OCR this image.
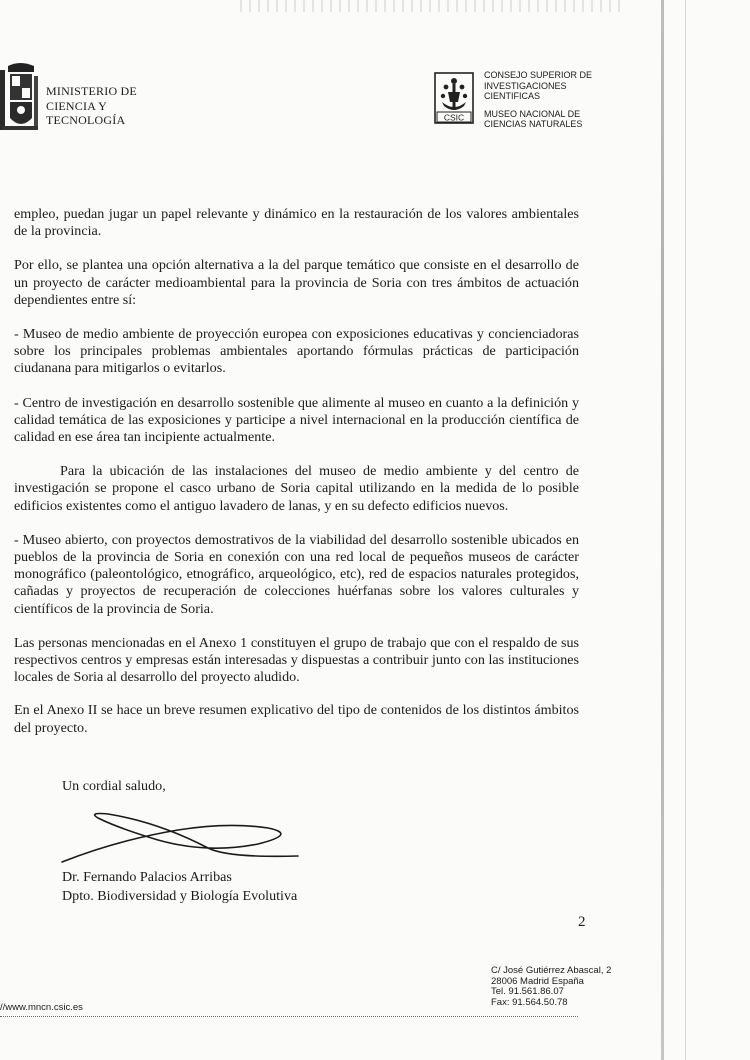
MINISTERIO DE
CIENCIA Y
TECNOLOGÍA	CSIC
CONSEJO SUPERIOR DE
INVESTIGACIONES
CIENTIFICAS
MUSEO NACIONAL DE
CIENCIAS NATURALES

empleo, puedan jugar un papel relevante y dinámico en la restauración de los valores ambientales de la provincia.

Por ello, se plantea una opción alternativa a la del parque temático que consiste en el desarrollo de un proyecto de carácter medioambiental para la provincia de Soria con tres ámbitos de actuación dependientes entre sí:

- Museo de medio ambiente de proyección europea con exposiciones educativas y concienciadoras sobre los principales problemas ambientales aportando fórmulas prácticas de participación ciudanana para mitigarlos o evitarlos.

- Centro de investigación en desarrollo sostenible que alimente al museo en cuanto a la definición y calidad temática de las exposiciones y participe a nivel internacional en la producción científica de calidad en ese área tan incipiente actualmente.

Para la ubicación de las instalaciones del museo de medio ambiente y del centro de investigación se propone el casco urbano de Soria capital utilizando en la medida de lo posible edificios existentes como el antiguo lavadero de lanas, y en su defecto edificios nuevos.

- Museo abierto, con proyectos demostrativos de la viabilidad del desarrollo sostenible ubicados en pueblos de la provincia de Soria en conexión con una red local de pequeños museos de carácter monográfico (paleontológico, etnográfico, arqueológico, etc), red de espacios naturales protegidos, cañadas y proyectos de recuperación de colecciones huérfanas sobre los valores culturales y científicos de la provincia de Soria.

Las personas mencionadas en el Anexo 1 constituyen el grupo de trabajo que con el respaldo de sus respectivos centros y empresas están interesadas y dispuestas a contribuir junto con las instituciones locales de Soria al desarrollo del proyecto aludido.

En el Anexo II se hace un breve resumen explicativo del tipo de contenidos de los distintos ámbitos del proyecto.

Un cordial saludo,
Dr. Fernando Palacios Arribas
Dpto. Biodiversidad y Biología Evolutiva
2
C/ José Gutiérrez Abascal, 2
28006 Madrid España
Tel. 91.561.86.07
Fax: 91.564.50.78
//www.mncn.csic.es
